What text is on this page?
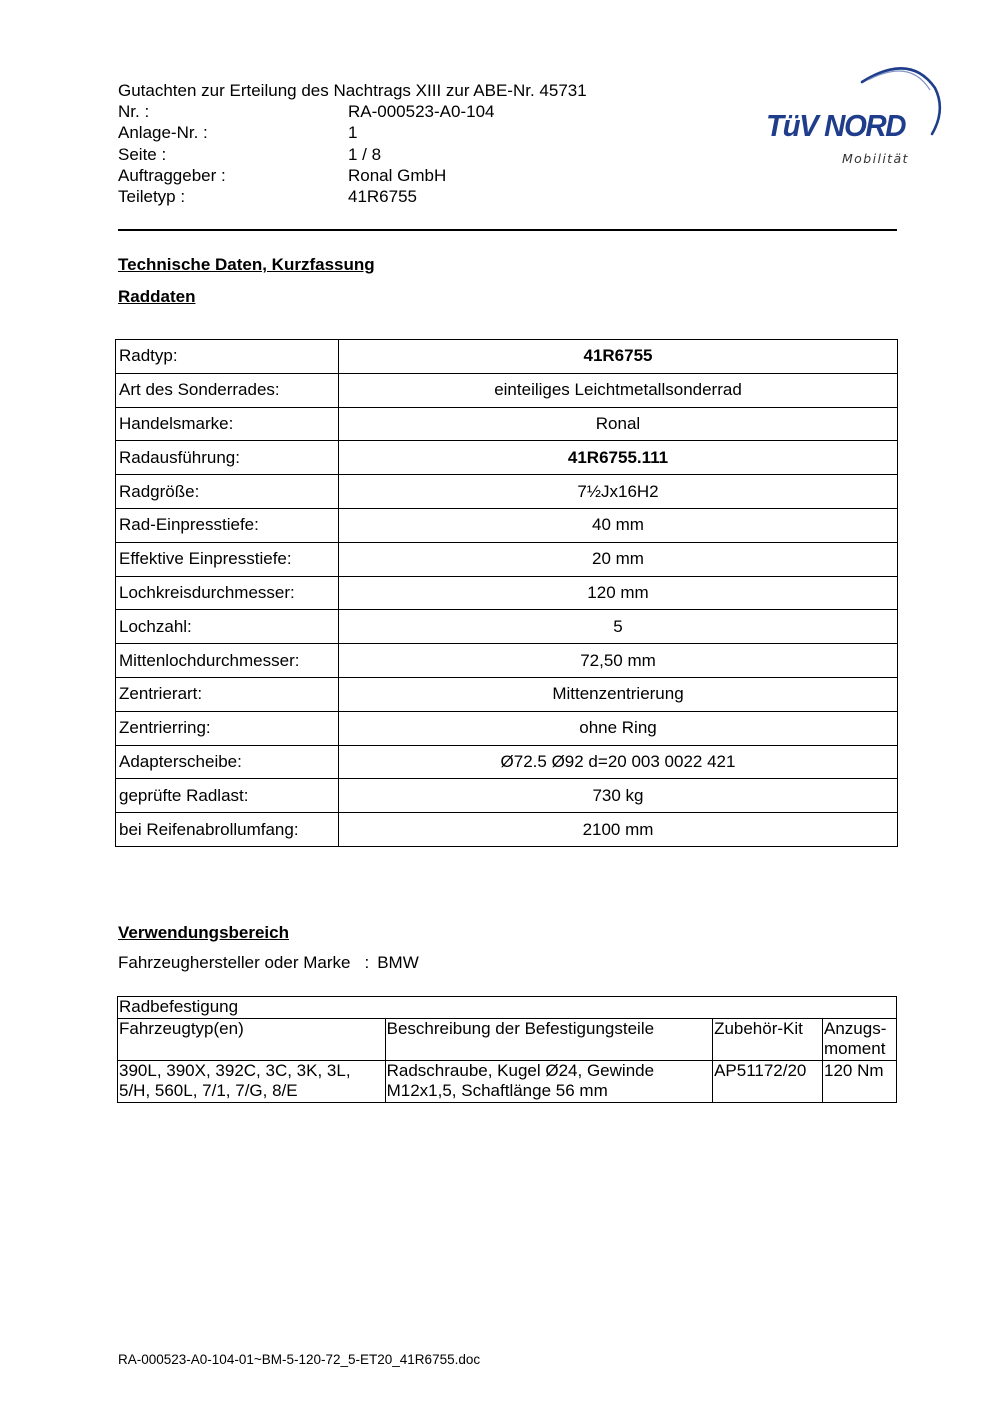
Gutachten zur Erteilung des Nachtrags XIII zur ABE-Nr. 45731
Nr. :	RA-000523-A0-104
Anlage-Nr. :	1
Seite :	1 / 8
Auftraggeber :	Ronal GmbH
Teiletyp :	41R6755
TüV NORD
Mobilität
Technische Daten, Kurzfassung
Raddaten
Radtyp:	41R6755
Art des Sonderrades:	einteiliges Leichtmetallsonderrad
Handelsmarke:	Ronal
Radausführung:	41R6755.111
Radgröße:	7½Jx16H2
Rad-Einpresstiefe:	40 mm
Effektive Einpresstiefe:	20 mm
Lochkreisdurchmesser:	120 mm
Lochzahl:	5
Mittenlochdurchmesser:	72,50 mm
Zentrierart:	Mittenzentrierung
Zentrierring:	ohne Ring
Adapterscheibe:	Ø72.5 Ø92 d=20 003 0022 421
geprüfte Radlast:	730 kg
bei Reifenabrollumfang:	2100 mm
Verwendungsbereich
Fahrzeughersteller oder Marke : BMW
Radbefestigung			
Fahrzeugtyp(en)	Beschreibung der Befestigungsteile	Zubehör-Kit	Anzugs-
moment
390L, 390X, 392C, 3C, 3K, 3L, 5/H, 560L, 7/1, 7/G, 8/E	Radschraube, Kugel Ø24, Gewinde M12x1,5, Schaftlänge 56 mm	AP51172/20	120 Nm
RA-000523-A0-104-01~BM-5-120-72_5-ET20_41R6755.doc
